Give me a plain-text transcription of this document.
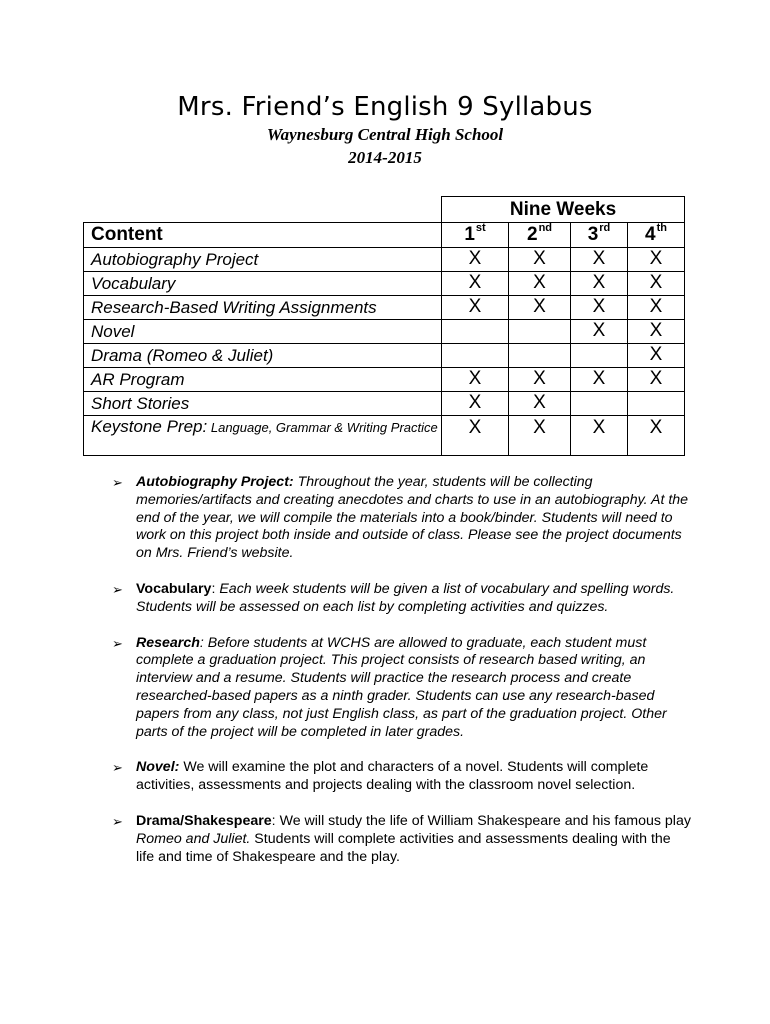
Mrs. Friend’s English 9 Syllabus
Waynesburg Central High School
2014-2015
	Nine Weeks			
Content	1st	2nd	3rd	4th
Autobiography Project	X	X	X	X
Vocabulary	X	X	X	X
Research-Based Writing Assignments	X	X	X	X
Novel			X	X
Drama (Romeo & Juliet)				X
AR Program	X	X	X	X
Short Stories	X	X		
Keystone Prep: Language, Grammar & Writing Practice	X	X	X	X
➢ Autobiography Project: Throughout the year, students will be collecting memories/artifacts and creating anecdotes and charts to use in an autobiography. At the end of the year, we will compile the materials into a book/binder. Students will need to work on this project both inside and outside of class. Please see the project documents on Mrs. Friend’s website.
➢ Vocabulary: Each week students will be given a list of vocabulary and spelling words. Students will be assessed on each list by completing activities and quizzes.
➢ Research: Before students at WCHS are allowed to graduate, each student must complete a graduation project. This project consists of research based writing, an interview and a resume. Students will practice the research process and create researched-based papers as a ninth grader. Students can use any research-based papers from any class, not just English class, as part of the graduation project. Other parts of the project will be completed in later grades.
➢ Novel: We will examine the plot and characters of a novel. Students will complete activities, assessments and projects dealing with the classroom novel selection.
➢ Drama/Shakespeare: We will study the life of William Shakespeare and his famous play Romeo and Juliet. Students will complete activities and assessments dealing with the life and time of Shakespeare and the play.
